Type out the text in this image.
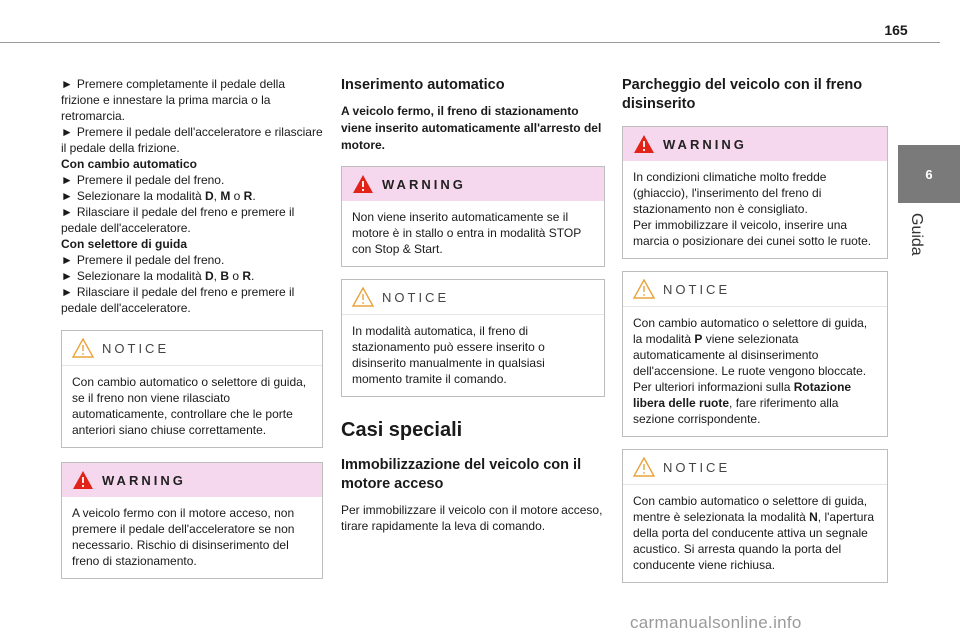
165
6
Guida

► Premere completamente il pedale della frizione e innestare la prima marcia o la retromarcia.

► Premere il pedale dell'acceleratore e rilasciare il pedale della frizione.

Con cambio automatico

► Premere il pedale del freno.

► Selezionare la modalità D, M o R.

► Rilasciare il pedale del freno e premere il pedale dell'acceleratore.

Con selettore di guida

► Premere il pedale del freno.

► Selezionare la modalità D, B o R.

► Rilasciare il pedale del freno e premere il pedale dell'acceleratore.

NOTICE
Con cambio automatico o selettore di guida, se il freno non viene rilasciato automaticamente, controllare che le porte anteriori siano chiuse correttamente.
WARNING
A veicolo fermo con il motore acceso, non premere il pedale dell'acceleratore se non necessario. Rischio di disinserimento del freno di stazionamento.
Inserimento automatico

A veicolo fermo, il freno di stazionamento viene inserito automaticamente all'arresto del motore.

WARNING
Non viene inserito automaticamente se il motore è in stallo o entra in modalità STOP con Stop & Start.
NOTICE
In modalità automatica, il freno di stazionamento può essere inserito o disinserito manualmente in qualsiasi momento tramite il comando.
Casi speciali
Immobilizzazione del veicolo con il motore acceso

Per immobilizzare il veicolo con il motore acceso, tirare rapidamente la leva di comando.

Parcheggio del veicolo con il freno disinserito
WARNING
In condizioni climatiche molto fredde (ghiaccio), l'inserimento del freno di stazionamento non è consigliato.
Per immobilizzare il veicolo, inserire una marcia o posizionare dei cunei sotto le ruote.
NOTICE
Con cambio automatico o selettore di guida, la modalità P viene selezionata automaticamente al disinserimento dell'accensione. Le ruote vengono bloccate.
Per ulteriori informazioni sulla Rotazione libera delle ruote, fare riferimento alla sezione corrispondente.
NOTICE
Con cambio automatico o selettore di guida, mentre è selezionata la modalità N, l'apertura della porta del conducente attiva un segnale acustico. Si arresta quando la porta del conducente viene richiusa.
carmanualsonline.info
